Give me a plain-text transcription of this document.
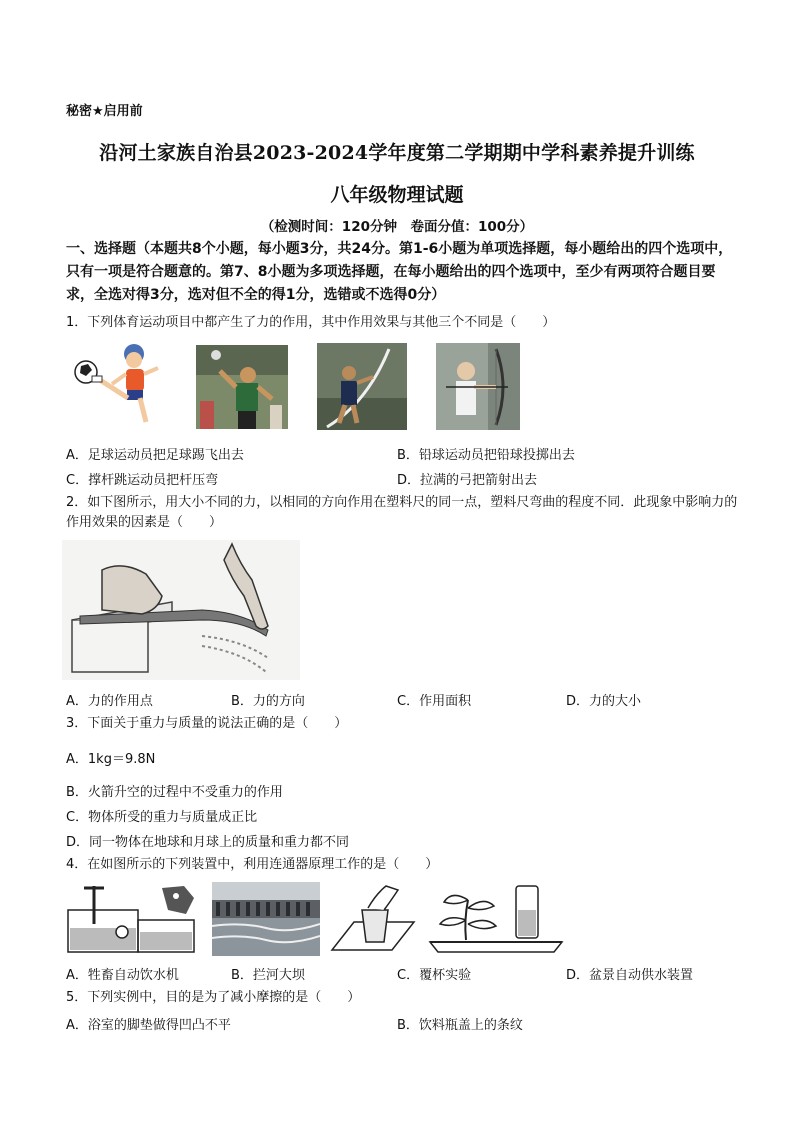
秘密★启用前
沿河土家族自治县2023-2024学年度第二学期期中学科素养提升训练
八年级物理试题
（检测时间：120分钟　卷面分值：100分）
一、选择题（本题共8个小题，每小题3分，共24分。第1-6小题为单项选择题，每小题给出的四个选项中，只有一项是符合题意的。第7、8小题为多项选择题，在每小题给出的四个选项中，至少有两项符合题目要求，全选对得3分，选对但不全的得1分，选错或不选得0分）
1．下列体育运动项目中都产生了力的作用，其中作用效果与其他三个不同是（　　）
A．足球运动员把足球踢飞出去	B．铅球运动员把铅球投掷出去
C．撑杆跳运动员把杆压弯	D．拉满的弓把箭射出去
2．如下图所示，用大小不同的力，以相同的方向作用在塑料尺的同一点，塑料尺弯曲的程度不同．此现象中影响力的作用效果的因素是（　　）
A．力的作用点	B．力的方向	C．作用面积	D．力的大小
3．下面关于重力与质量的说法正确的是（　　）
A．1kg＝9.8N
B．火箭升空的过程中不受重力的作用
C．物体所受的重力与质量成正比
D．同一物体在地球和月球上的质量和重力都不同
4．在如图所示的下列装置中，利用连通器原理工作的是（　　）
A．牲畜自动饮水机	B．拦河大坝	C．覆杯实验	D．盆景自动供水装置
5．下列实例中，目的是为了减小摩擦的是（　　）
A．浴室的脚垫做得凹凸不平	B．饮料瓶盖上的条纹
